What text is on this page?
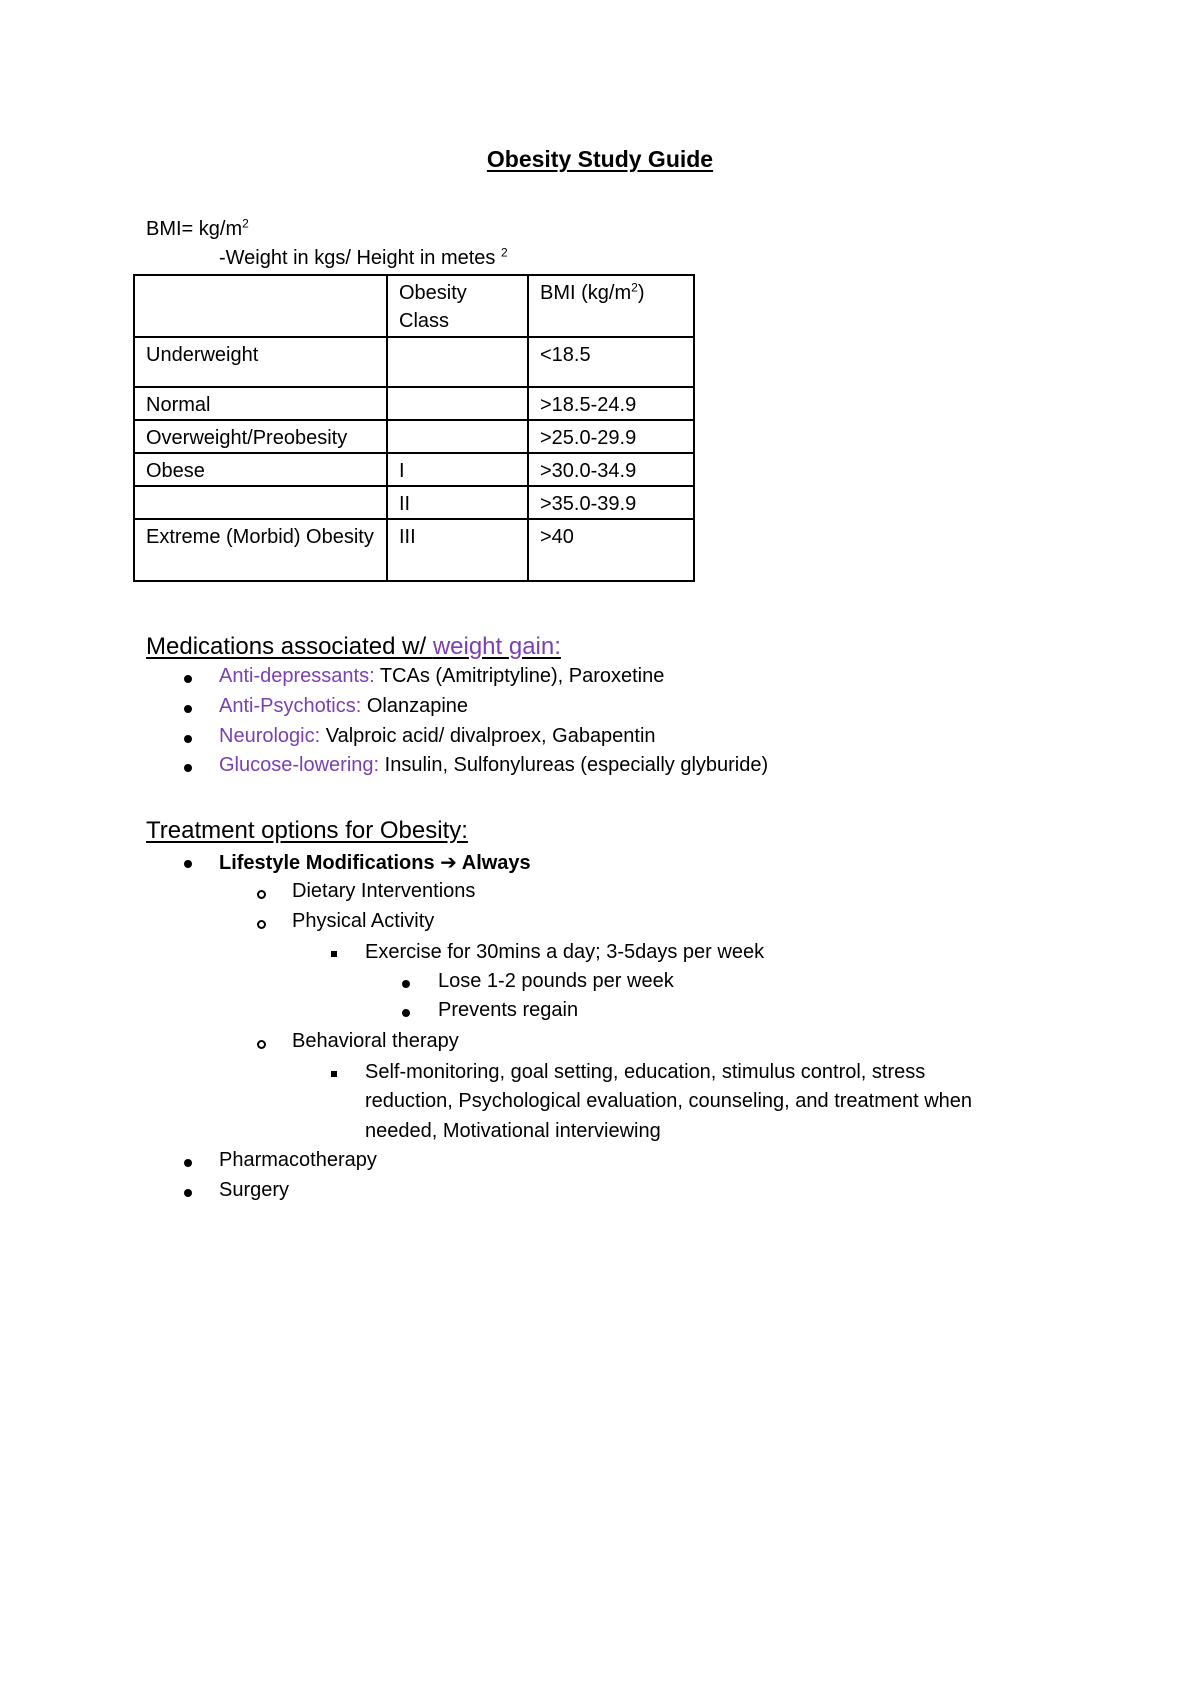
Obesity Study Guide
$BMI= kg/m^2$
-Weight in kgs/ Height in metes $^2$
	Obesity Class	BMI $(kg/m^2)$
Underweight		<18.5
Normal		>18.5-24.9
Overweight/Preobesity		>25.0-29.9
Obese	I	>30.0-34.9
	II	>35.0-39.9
Extreme (Morbid) Obesity	III	>40
Medications associated w/ weight gain:
Anti-depressants: TCAs (Amitriptyline), Paroxetine
Anti-Psychotics: Olanzapine
Neurologic: Valproic acid/ divalproex, Gabapentin
Glucose-lowering: Insulin, Sulfonylureas (especially glyburide)
Treatment options for Obesity:
Lifestyle Modifications ➔ Always
Dietary Interventions
Physical Activity
Exercise for 30mins a day; 3-5days per week
Lose 1-2 pounds per week
Prevents regain
Behavioral therapy
Self-monitoring, goal setting, education, stimulus control, stress
reduction, Psychological evaluation, counseling, and treatment when
needed, Motivational interviewing
Pharmacotherapy
Surgery
